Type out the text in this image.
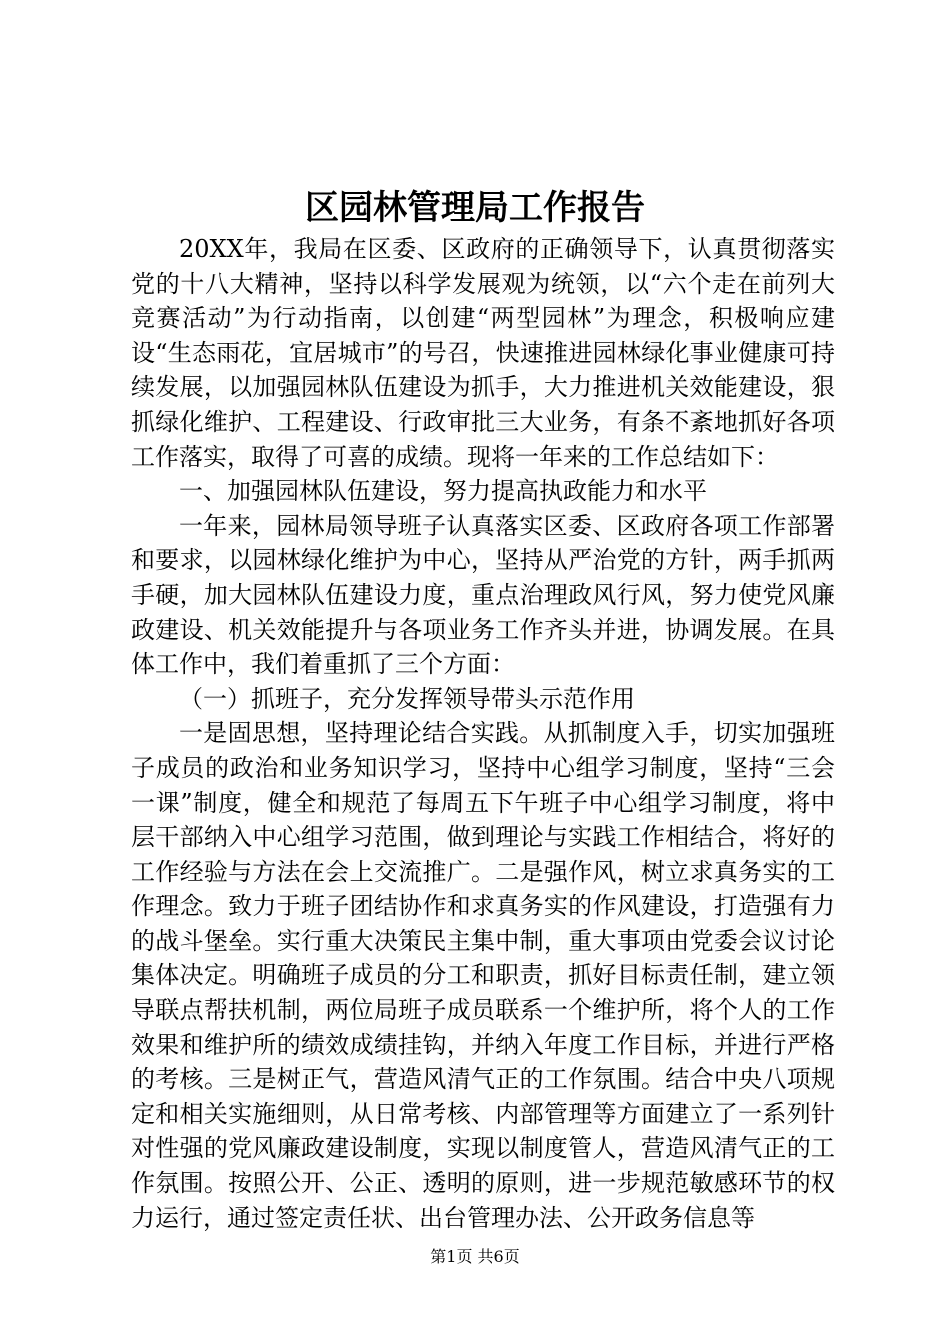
区园林管理局工作报告

20XX年，我局在区委、区政府的正确领导下，认真贯彻落实党的十八大精神，坚持以科学发展观为统领，以“六个走在前列大竞赛活动”为行动指南，以创建“两型园林”为理念，积极响应建设“生态雨花，宜居城市”的号召，快速推进园林绿化事业健康可持续发展，以加强园林队伍建设为抓手，大力推进机关效能建设，狠抓绿化维护、工程建设、行政审批三大业务，有条不紊地抓好各项工作落实，取得了可喜的成绩。现将一年来的工作总结如下：

一、加强园林队伍建设，努力提高执政能力和水平

一年来，园林局领导班子认真落实区委、区政府各项工作部署和要求，以园林绿化维护为中心，坚持从严治党的方针，两手抓两手硬，加大园林队伍建设力度，重点治理政风行风，努力使党风廉政建设、机关效能提升与各项业务工作齐头并进，协调发展。在具体工作中，我们着重抓了三个方面：

（一）抓班子，充分发挥领导带头示范作用

一是固思想，坚持理论结合实践。从抓制度入手，切实加强班子成员的政治和业务知识学习，坚持中心组学习制度，坚持“三会一课”制度，健全和规范了每周五下午班子中心组学习制度，将中层干部纳入中心组学习范围，做到理论与实践工作相结合，将好的工作经验与方法在会上交流推广。二是强作风，树立求真务实的工作理念。致力于班子团结协作和求真务实的作风建设，打造强有力的战斗堡垒。实行重大决策民主集中制，重大事项由党委会议讨论集体决定。明确班子成员的分工和职责，抓好目标责任制，建立领导联点帮扶机制，两位局班子成员联系一个维护所，将个人的工作效果和维护所的绩效成绩挂钩，并纳入年度工作目标，并进行严格的考核。三是树正气，营造风清气正的工作氛围。结合中央八项规定和相关实施细则，从日常考核、内部管理等方面建立了一系列针对性强的党风廉政建设制度，实现以制度管人，营造风清气正的工作氛围。按照公开、公正、透明的原则，进一步规范敏感环节的权力运行，通过签定责任状、出台管理办法、公开政务信息等

第1页 共6页
